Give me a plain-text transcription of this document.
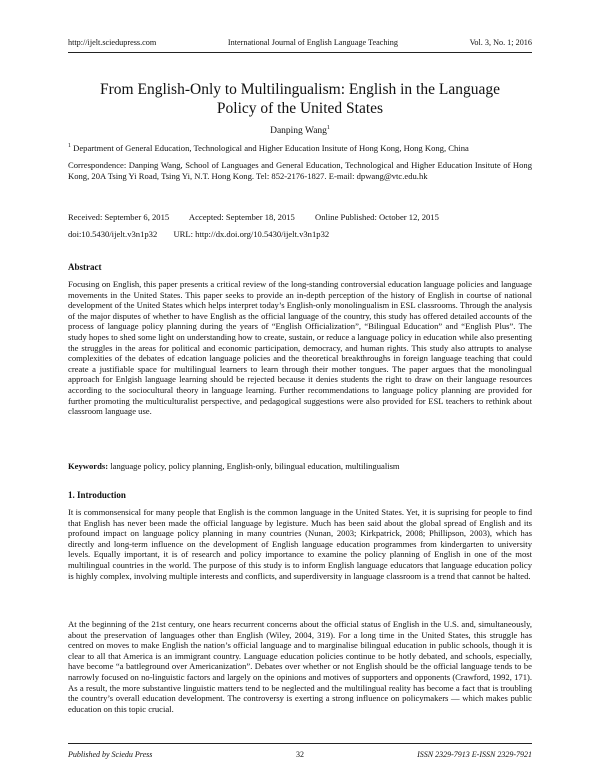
http://ijelt.sciedupress.com	International Journal of English Language Teaching	Vol. 3, No. 1; 2016
From English-Only to Multilingualism: English in the Language Policy of the United States
Danping Wang$^1$
$^1$ Department of General Education, Technological and Higher Education Insitute of Hong Kong, Hong Kong, China
Correspondence: Danping Wang, School of Languages and General Education, Technological and Higher Education Insitute of Hong Kong, 20A Tsing Yi Road, Tsing Yi, N.T. Hong Kong. Tel: 852-2176-1827. E-mail: dpwang@vtc.edu.hk
Received: September 6, 2015 Accepted: September 18, 2015 Online Published: October 12, 2015
doi:10.5430/ijelt.v3n1p32 URL: http://dx.doi.org/10.5430/ijelt.v3n1p32
Abstract
Focusing on English, this paper presents a critical review of the long-standing controversial education language policies and language movements in the United States. This paper seeks to provide an in-depth perception of the history of English in courtse of national development of the United States which helps interpret today’s English-only monolingualism in ESL classrooms. Through the analysis of the major disputes of whether to have English as the official language of the country, this study has offered detailed accounts of the process of language policy planning during the years of “English Officialization”, “Bilingual Education” and “English Plus”. The study hopes to shed some light on understanding how to create, sustain, or reduce a language policy in education while also presenting the struggles in the areas for political and economic participation, democracy, and human rights. This study also attrupts to analyse complexities of the debates of edcation language policies and the theoretical breakthroughs in foreign language teaching that could create a justifiable space for multilingual learners to learn through their mother tongues. The paper argues that the monolingual approach for Enlgish language learning should be rejected because it denies students the right to draw on their language resources according to the sociocultural theory in language learning. Further recommendations to language policy planning are provided for further promoting the multiculturalist perspective, and pedagogical suggestions were also provided for ESL teachers to rethink about classroom language use.
Keywords: language policy, policy planning, English-only, bilingual education, multilingualism
1. Introduction
It is commonsensical for many people that English is the common language in the United States. Yet, it is suprising for people to find that English has never been made the official language by legisture. Much has been said about the global spread of English and its profound impact on language policy planning in many countries (Nunan, 2003; Kirkpatrick, 2008; Phillipson, 2003), which has directly and long-term influence on the development of English language education programmes from kindergarten to university levels. Equally important, it is of research and policy importance to examine the policy planning of English in one of the most multilingual countries in the world. The purpose of this study is to inform English language educators that language education policy is highly complex, involving multiple interests and conflicts, and superdiversity in language classroom is a trend that cannot be halted.
At the beginning of the 21st century, one hears recurrent concerns about the official status of English in the U.S. and, simultaneously, about the preservation of languages other than English (Wiley, 2004, 319). For a long time in the United States, this struggle has centred on moves to make English the nation’s official language and to marginalise bilingual education in public schools, though it is clear to all that America is an immigrant country. Language education policies continue to be hotly debated, and schools, especially, have become “a battleground over Americanization”. Debates over whether or not English should be the official language tends to be narrowly focused on no-linguistic factors and largely on the opinions and motives of supporters and opponents (Crawford, 1992, 171). As a result, the more substantive linguistic matters tend to be neglected and the multilingual reality has become a fact that is troubling the country’s overall education development. The controversy is exerting a strong influence on policymakers — which makes public education on this topic crucial.
Published by Sciedu Press	32	ISSN 2329-7913 E-ISSN 2329-7921
